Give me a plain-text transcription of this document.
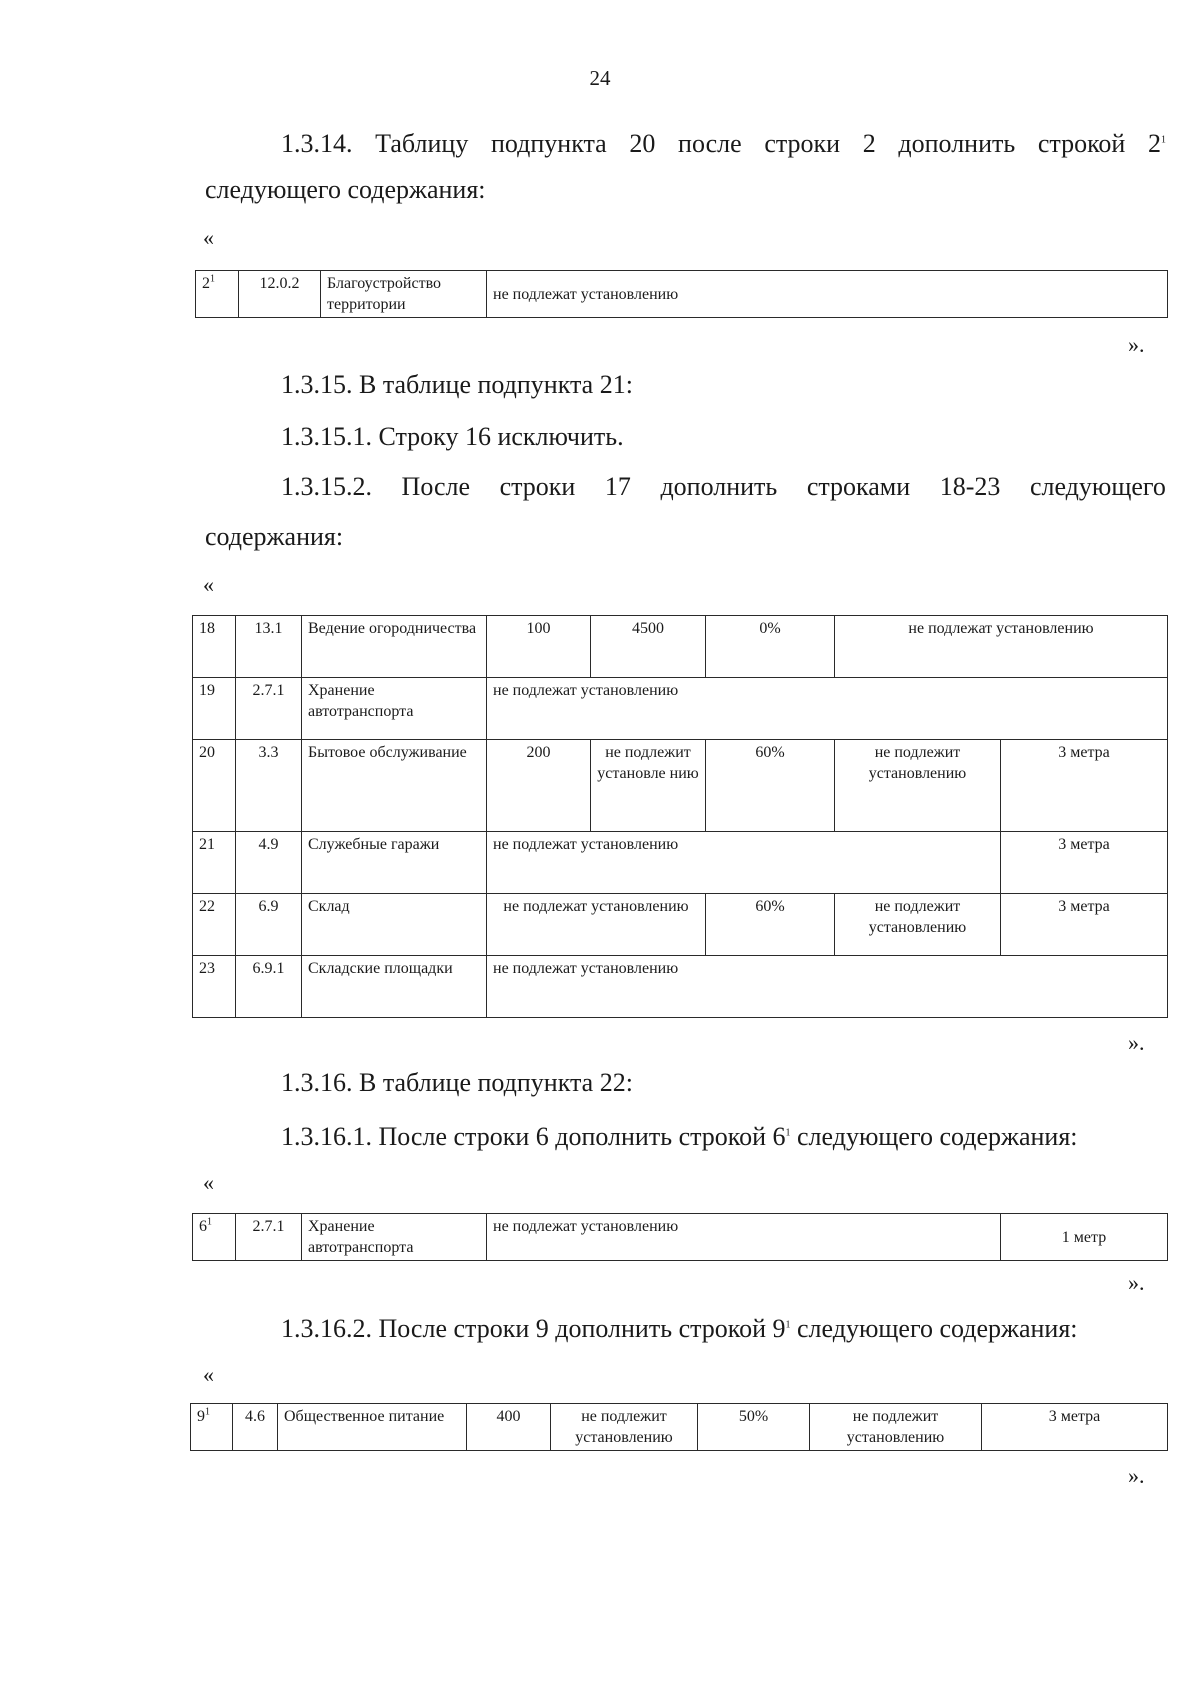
24
1.3.14. Таблицу подпункта 20 после строки 2 дополнить строкой $2^1$
следующего содержания:
«
$2^1$	12.0.2	Благоустройство территории	не подлежат установлению
».
1.3.15. В таблице подпункта 21:
1.3.15.1. Строку 16 исключить.
1.3.15.2. После строки 17 дополнить строками 18-23 следующего
содержания:
«
18	13.1	Ведение огородничества	100	4500	0%	не подлежат установлению	
19	2.7.1	Хранение автотранспорта	не подлежат установлению				
20	3.3	Бытовое обслуживание	200	не подлежит установле нию	60%	не подлежит установлению	3 метра
21	4.9	Служебные гаражи	не подлежат установлению				3 метра
22	6.9	Склад	не подлежат установлению		60%	не подлежит установлению	3 метра
23	6.9.1	Складские площадки	не подлежат установлению				
».
1.3.16. В таблице подпункта 22:
1.3.16.1. После строки 6 дополнить строкой $6^1$ следующего содержания:
«
$6^1$	2.7.1	Хранение автотранспорта	не подлежат установлению	1 метр
».
1.3.16.2. После строки 9 дополнить строкой $9^1$ следующего содержания:
«
$9^1$	4.6	Общественное питание	400	не подлежит установлению	50%	не подлежит установлению	3 метра
».
